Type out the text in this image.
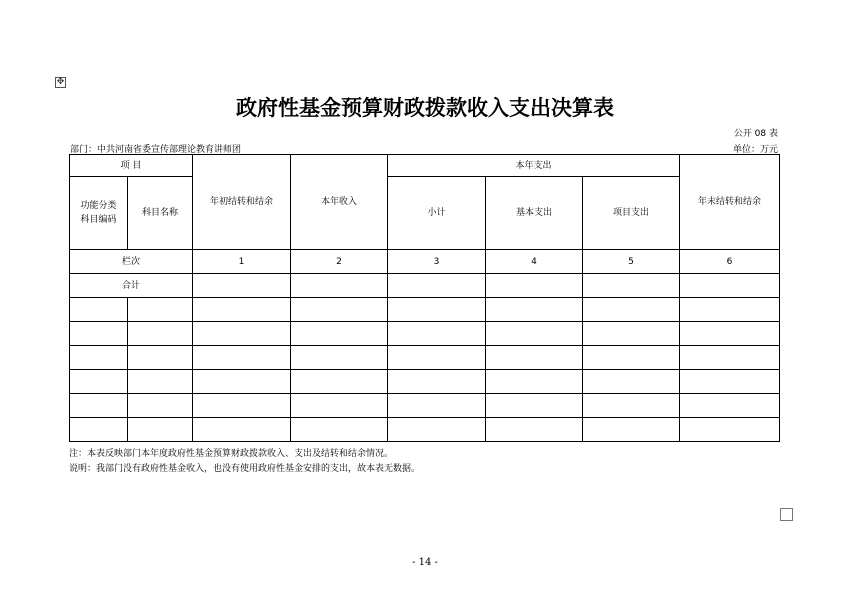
✥
政府性基金预算财政拨款收入支出决算表
公开 08 表
部门：中共河南省委宣传部理论教育讲师团	单位：万元
项 目		年初结转和结余	本年收入	本年支出			年末结转和结余
功能分类
科目编码	科目名称			小计	基本支出	项目支出	
栏次		1	2	3	4	5	6
合计							

注：本表反映部门本年度政府性基金预算财政拨款收入、支出及结转和结余情况。
说明：我部门没有政府性基金收入，也没有使用政府性基金安排的支出，故本表无数据。
- 14 -
